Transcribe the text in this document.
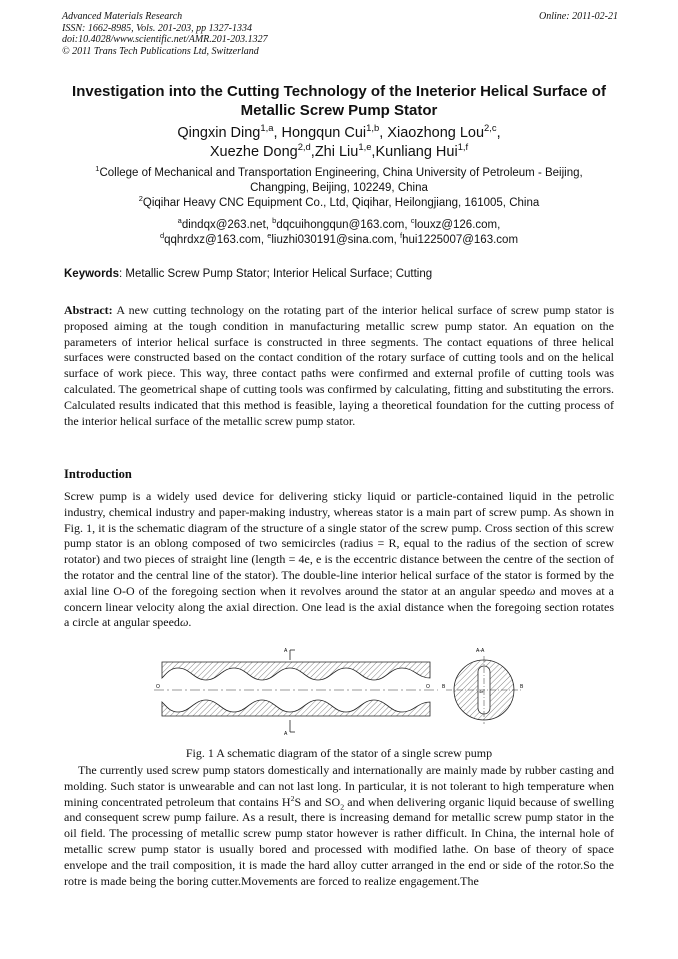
Advanced Materials Research
ISSN: 1662-8985, Vols. 201-203, pp 1327-1334
doi:10.4028/www.scientific.net/AMR.201-203.1327
© 2011 Trans Tech Publications Ltd, Switzerland
Online: 2011-02-21
Investigation into the Cutting Technology of the Ineterior Helical Surface of Metallic Screw Pump Stator
Qingxin Ding$^{1,a}$, Hongqun Cui$^{1,b}$, Xiaozhong Lou$^{2,c}$,
Xuezhe Dong$^{2,d}$,Zhi Liu$^{1,e}$,Kunliang Hui$^{1,f}$
$^1$College of Mechanical and Transportation Engineering, China University of Petroleum - Beijing,
Changping, Beijing, 102249, China
$^2$Qiqihar Heavy CNC Equipment Co., Ltd, Qiqihar, Heilongjiang, 161005, China
$^a$dindqx@263.net, $^b$dqcuihongqun@163.com, $^c$louxz@126.com,
$^d$qqhrdxz@163.com, $^e$liuzhi030191@sina.com, $^f$hui1225007@163.com
Keywords: Metallic Screw Pump Stator; Interior Helical Surface; Cutting
Abstract: A new cutting technology on the rotating part of the interior helical surface of screw pump stator is proposed aiming at the tough condition in manufacturing metallic screw pump stator. An equation on the parameters of interior helical surface is constructed in three segments. The contact equations of three helical surfaces were constructed based on the contact condition of the rotary surface of cutting tools and on the helical surface of work piece. This way, three contact paths were confirmed and external profile of cutting tools was calculated. The geometrical shape of cutting tools was confirmed by calculating, fitting and substituting the errors. Calculated results indicated that this method is feasible, laying a theoretical foundation for the cutting process of the interior helical surface of the metallic screw pump stator.
Introduction
Screw pump is a widely used device for delivering sticky liquid or particle-contained liquid in the petrolic industry, chemical industry and paper-making industry, whereas stator is a main part of screw pump. As shown in Fig. 1, it is the schematic diagram of the structure of a single stator of the screw pump. Cross section of this screw pump stator is an oblong composed of two semicircles (radius = R, equal to the radius of the section of screw rotator) and two pieces of straight line (length = 4e, e is the eccentric distance between the centre of the section of the rotator and the central line of the stator). The double-line interior helical surface of the stator is formed by the axial line O-O of the foregoing section when it revolves around the stator at an angular speedω and moves at a concern linear velocity along the axial direction. One lead is the axial distance when the foregoing section rotates a circle at angular speedω.
A
A
O	O
A-A
B	B
4e
Fig. 1 A schematic diagram of the stator of a single screw pump
The currently used screw pump stators domestically and internationally are mainly made by rubber casting and molding. Such stator is unwearable and can not last long. In particular, it is not tolerant to high temperature when mining concentrated petroleum that contains $H^2S$ and $SO_2$ and when delivering organic liquid because of swelling and consequent screw pump failure. As a result, there is increasing demand for metallic screw pump stator in the oil field. The processing of metallic screw pump stator however is rather difficult. In China, the internal hole of metallic screw pump stator is usually bored and processed with modified lathe. On base of theory of space envelope and the trail composition, it is made the hard alloy cutter arranged in the end or side of the rotor.So the rotre is made being the boring cutter.Movements are forced to realize engagement.The
